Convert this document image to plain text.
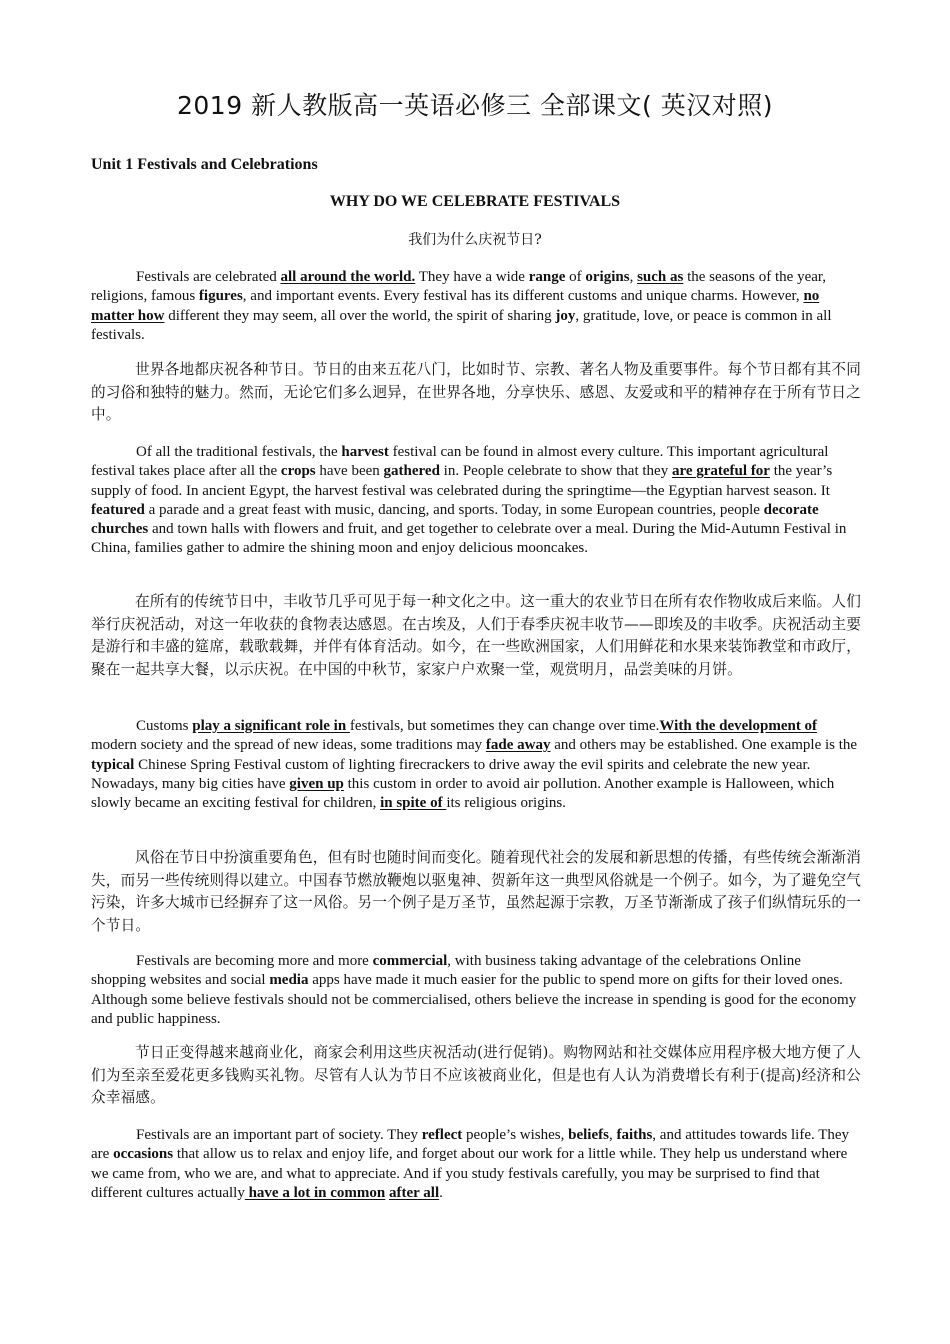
2019 新人教版高一英语必修三 全部课文( 英汉对照)
Unit 1 Festivals and Celebrations
WHY DO WE CELEBRATE FESTIVALS
我们为什么庆祝节日?

Festivals are celebrated all around the world. They have a wide range of origins, such as the seasons of the year, religions, famous figures, and important events. Every festival has its different customs and unique charms. However, no matter how different they may seem, all over the world, the spirit of sharing joy, gratitude, love, or peace is common in all festivals.

世界各地都庆祝各种节日。节日的由来五花八门，比如时节、宗教、著名人物及重要事件。每个节日都有其不同的习俗和独特的魅力。然而，无论它们多么迥异，在世界各地，分享快乐、感恩、友爱或和平的精神存在于所有节日之中。

Of all the traditional festivals, the harvest festival can be found in almost every culture. This important agricultural festival takes place after all the crops have been gathered in. People celebrate to show that they are grateful for the year’s supply of food. In ancient Egypt, the harvest festival was celebrated during the springtime—the Egyptian harvest season. It featured a parade and a great feast with music, dancing, and sports. Today, in some European countries, people decorate churches and town halls with flowers and fruit, and get together to celebrate over a meal. During the Mid-Autumn Festival in China, families gather to admire the shining moon and enjoy delicious mooncakes.

在所有的传统节日中，丰收节几乎可见于每一种文化之中。这一重大的农业节日在所有农作物收成后来临。人们举行庆祝活动，对这一年收获的食物表达感恩。在古埃及，人们于春季庆祝丰收节——即埃及的丰收季。庆祝活动主要是游行和丰盛的筵席，载歌载舞，并伴有体育活动。如今，在一些欧洲国家，人们用鲜花和水果来装饰教堂和市政厅，聚在一起共享大餐，以示庆祝。在中国的中秋节，家家户户欢聚一堂，观赏明月，品尝美味的月饼。

Customs play a significant role in festivals, but sometimes they can change over time.With the development of modern society and the spread of new ideas, some traditions may fade away and others may be established. One example is the typical Chinese Spring Festival custom of lighting firecrackers to drive away the evil spirits and celebrate the new year. Nowadays, many big cities have given up this custom in order to avoid air pollution. Another example is Halloween, which slowly became an exciting festival for children, in spite of its religious origins.

风俗在节日中扮演重要角色，但有时也随时间而变化。随着现代社会的发展和新思想的传播，有些传统会渐渐消失，而另一些传统则得以建立。中国春节燃放鞭炮以驱鬼神、贺新年这一典型风俗就是一个例子。如今，为了避免空气污染，许多大城市已经摒弃了这一风俗。另一个例子是万圣节，虽然起源于宗教，万圣节渐渐成了孩子们纵情玩乐的一个节日。

Festivals are becoming more and more commercial, with business taking advantage of the celebrations Online shopping websites and social media apps have made it much easier for the public to spend more on gifts for their loved ones. Although some believe festivals should not be commercialised, others believe the increase in spending is good for the economy and public happiness.

节日正变得越来越商业化，商家会利用这些庆祝活动(进行促销)。购物网站和社交媒体应用程序极大地方便了人们为至亲至爱花更多钱购买礼物。尽管有人认为节日不应该被商业化，但是也有人认为消费增长有利于(提高)经济和公众幸福感。

Festivals are an important part of society. They reflect people’s wishes, beliefs, faiths, and attitudes towards life. They are occasions that allow us to relax and enjoy life, and forget about our work for a little while. They help us understand where we came from, who we are, and what to appreciate. And if you study festivals carefully, you may be surprised to find that different cultures actually have a lot in common after all.
